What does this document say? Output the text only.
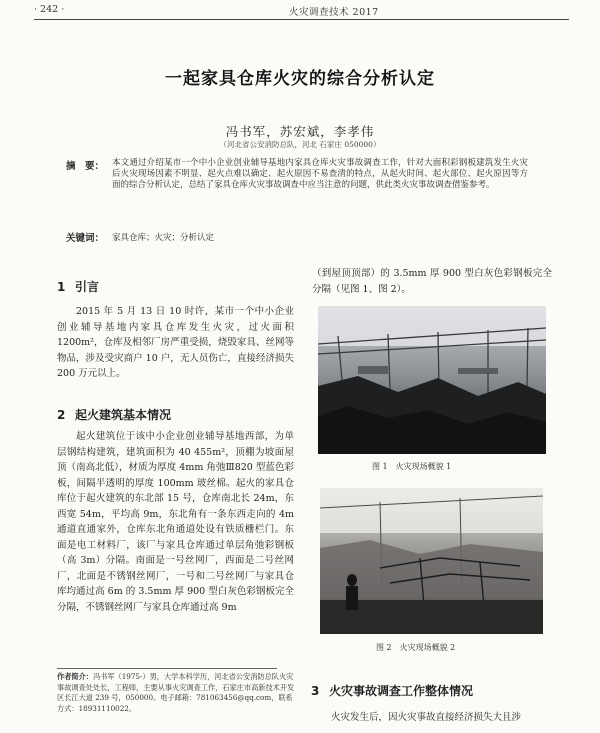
· 242 ·	火灾调查技术 2017
一起家具仓库火灾的综合分析认定
冯书军，苏宏斌，李孝伟
（河北省公安消防总队，河北 石家庄 050000）
摘　要： 本文通过介绍某市一个中小企业创业辅导基地内家具仓库火灾事故调查工作，针对大面积彩钢板建筑发生火灾后火灾现场因素不明显、起火点难以确定、起火原因不易查清的特点，从起火时间、起火部位、起火原因等方面的综合分析认定，总结了家具仓库火灾事故调查中应当注意的问题，供此类火灾事故调查借鉴参考。
关键词： 家具仓库；火灾；分析认定
1 引言
2015 年 5 月 13 日 10 时许，某市一个中小企业创业辅导基地内家具仓库发生火灾，过火面积 1200m²，仓库及相邻厂房严重受损，烧毁家具、丝网等物品，涉及受灾商户 10 户，无人员伤亡，直接经济损失 200 万元以上。
2 起火建筑基本情况
起火建筑位于该中小企业创业辅导基地西部，为单层钢结构建筑，建筑面积为 40 455m²，顶棚为坡面屋顶（南高北低），材质为厚度 4mm 角弛Ⅲ820 型蓝色彩板，间隔半透明的厚度 100mm 玻丝棉。起火的家具仓库位于起火建筑的东北部 15 号，仓库南北长 24m，东西宽 54m，平均高 9m，东北角有一条东西走向的 4m 通道直通家外，仓库东北角通道处设有铁质栅栏门。东面是电工材料厂，该厂与家具仓库通过单层角弛彩钢板（高 3m）分隔。南面是一号丝网厂，西面是二号丝网厂，北面是不锈钢丝网厂，一号和二号丝网厂与家具仓库均通过高 6m 的 3.5mm 厚 900 型白灰色彩钢板完全分隔，不锈钢丝网厂与家具仓库通过高 9m
（到屋顶顶部）的 3.5mm 厚 900 型白灰色彩钢板完全分隔（见图 1、图 2）。
图 1　火灾现场概貌 1
图 2　火灾现场概貌 2
3 火灾事故调查工作整体情况
火灾发生后，因火灾事故直接经济损失大且涉
作者简介：冯书军（1975-）男，大学本科学历，河北省公安消防总队火灾事故调查处处长，工程师，主要从事火灾调查工作，石家庄市高新技术开发区长江大道 239 号，050000。电子邮箱：781063456@qq.com，联系方式：18931110022。
